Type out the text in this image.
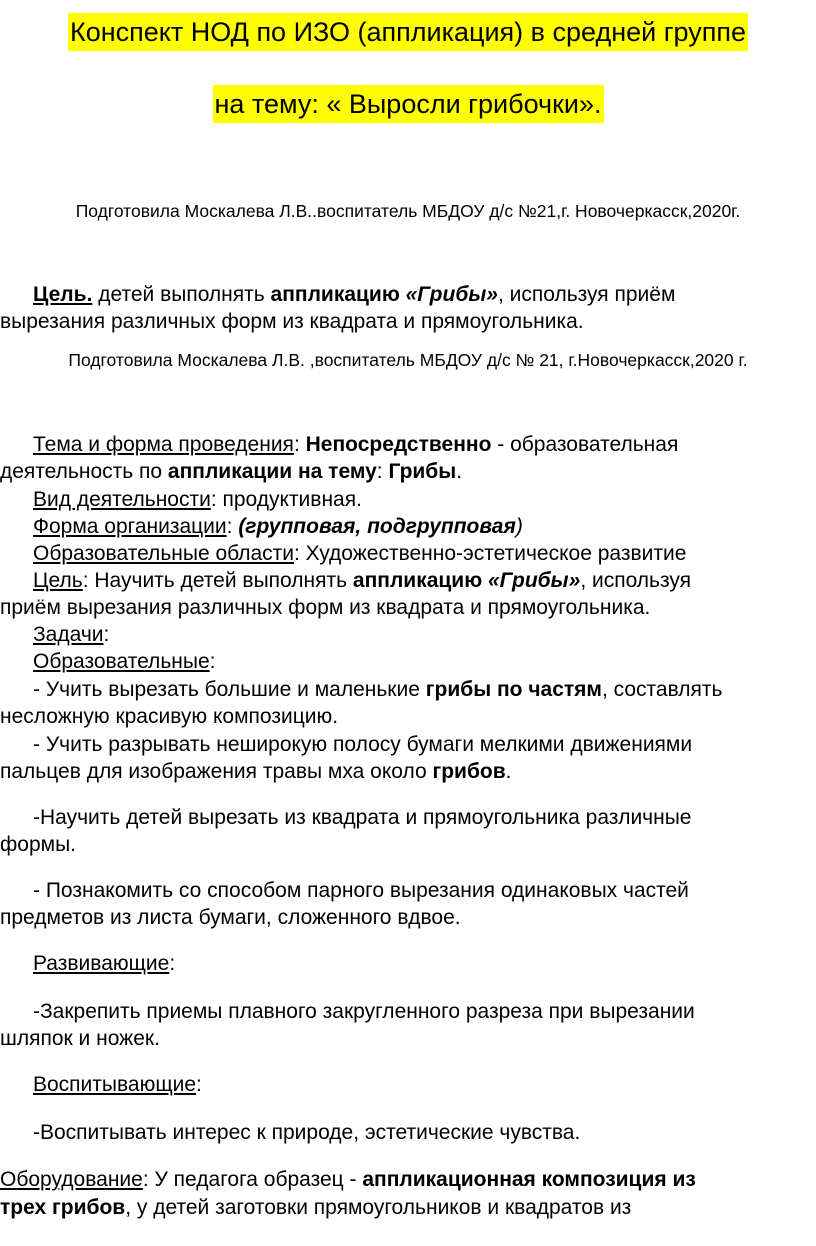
Конспект НОД по ИЗО (аппликация) в средней группе
на тему: « Выросли грибочки».
Подготовила Москалева Л.В..воспитатель МБДОУ д/с №21,г. Новочеркасск,2020г.
Цель. детей выполнять аппликацию «Грибы», используя приём
вырезания различных форм из квадрата и прямоугольника.
Подготовила Москалева Л.В. ,воспитатель МБДОУ д/с № 21, г.Новочеркасск,2020 г.
Тема и форма проведения: Непосредственно - образовательная
деятельность по аппликации на тему: Грибы.
Вид деятельности: продуктивная.
Форма организации: (групповая, подгрупповая)
Образовательные области: Художественно-эстетическое развитие
Цель: Научить детей выполнять аппликацию «Грибы», используя
приём вырезания различных форм из квадрата и прямоугольника.
Задачи:
Образовательные:
- Учить вырезать большие и маленькие грибы по частям, составлять
несложную красивую композицию.
- Учить разрывать неширокую полосу бумаги мелкими движениями
пальцев для изображения травы мха около грибов.
-Научить детей вырезать из квадрата и прямоугольника различные
формы.
- Познакомить со способом парного вырезания одинаковых частей
предметов из листа бумаги, сложенного вдвое.
Развивающие:
-Закрепить приемы плавного закругленного разреза при вырезании
шляпок и ножек.
Воспитывающие:
-Воспитывать интерес к природе, эстетические чувства.
Оборудование: У педагога образец - аппликационная композиция из
трех грибов, у детей заготовки прямоугольников и квадратов из
